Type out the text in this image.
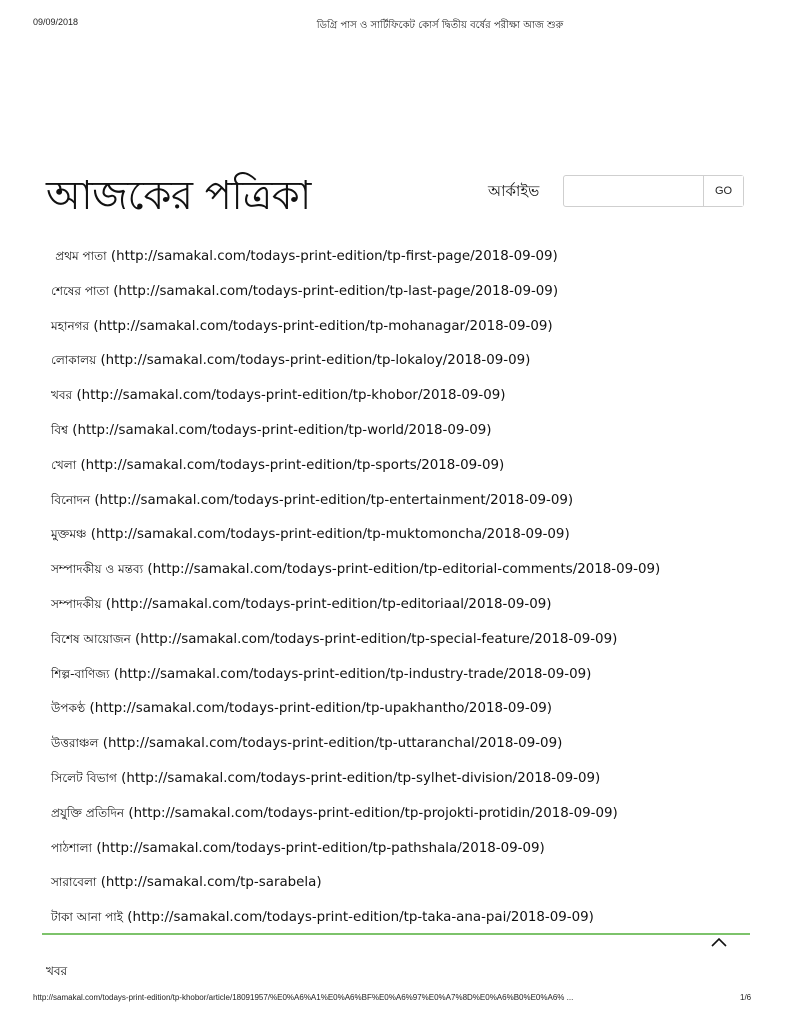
09/09/2018	ডিগ্রি পাস ও সার্টিফিকেট কোর্স দ্বিতীয় বর্ষের পরীক্ষা আজ শুরু
আজকের পত্রিকা	আর্কাইভ	GO
প্রথম পাতা (http://samakal.com/todays-print-edition/tp-first-page/2018-09-09)
শেষের পাতা (http://samakal.com/todays-print-edition/tp-last-page/2018-09-09)
মহানগর (http://samakal.com/todays-print-edition/tp-mohanagar/2018-09-09)
লোকালয় (http://samakal.com/todays-print-edition/tp-lokaloy/2018-09-09)
খবর (http://samakal.com/todays-print-edition/tp-khobor/2018-09-09)
বিশ্ব (http://samakal.com/todays-print-edition/tp-world/2018-09-09)
খেলা (http://samakal.com/todays-print-edition/tp-sports/2018-09-09)
বিনোদন (http://samakal.com/todays-print-edition/tp-entertainment/2018-09-09)
মুক্তমঞ্চ (http://samakal.com/todays-print-edition/tp-muktomoncha/2018-09-09)
সম্পাদকীয় ও মন্তব্য (http://samakal.com/todays-print-edition/tp-editorial-comments/2018-09-09)
সম্পাদকীয় (http://samakal.com/todays-print-edition/tp-editoriaal/2018-09-09)
বিশেষ আয়োজন (http://samakal.com/todays-print-edition/tp-special-feature/2018-09-09)
শিল্প-বাণিজ্য (http://samakal.com/todays-print-edition/tp-industry-trade/2018-09-09)
উপকণ্ঠ (http://samakal.com/todays-print-edition/tp-upakhantho/2018-09-09)
উত্তরাঞ্চল (http://samakal.com/todays-print-edition/tp-uttaranchal/2018-09-09)
সিলেট বিভাগ (http://samakal.com/todays-print-edition/tp-sylhet-division/2018-09-09)
প্রযুক্তি প্রতিদিন (http://samakal.com/todays-print-edition/tp-projokti-protidin/2018-09-09)
পাঠশালা (http://samakal.com/todays-print-edition/tp-pathshala/2018-09-09)
সারাবেলা (http://samakal.com/tp-sarabela)
টাকা আনা পাই (http://samakal.com/todays-print-edition/tp-taka-ana-pai/2018-09-09)
খবর
http://samakal.com/todays-print-edition/tp-khobor/article/18091957/%E0%A6%A1%E0%A6%BF%E0%A6%97%E0%A7%8D%E0%A6%B0%E0%A6% ...	1/6
